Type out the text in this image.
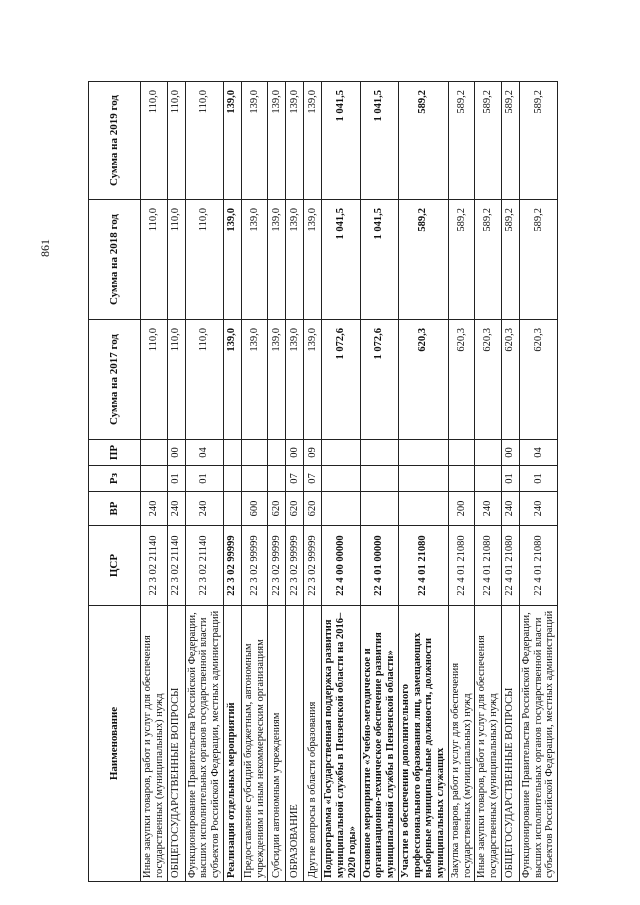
861
Наименование	ЦСР	ВР	Рз	ПР	Сумма на 2017 год	Сумма на 2018 год	Сумма на 2019 год
Иные закупки товаров, работ и услуг для обеспечения государственных (муниципальных) нужд	22 3 02 21140	240			110,0	110,0	110,0
ОБЩЕГОСУДАРСТВЕННЫЕ ВОПРОСЫ	22 3 02 21140	240	01	00	110,0	110,0	110,0
Функционирование Правительства Российской Федерации, высших исполнительных органов государственной власти субъектов Российской Федерации, местных администраций	22 3 02 21140	240	01	04	110,0	110,0	110,0
Реализация отдельных мероприятий	22 3 02 99999				139,0	139,0	139,0
Предоставление субсидий бюджетным, автономным учреждениям и иным некоммерческим организациям	22 3 02 99999	600			139,0	139,0	139,0
Субсидии автономным учреждениям	22 3 02 99999	620			139,0	139,0	139,0
ОБРАЗОВАНИЕ	22 3 02 99999	620	07	00	139,0	139,0	139,0
Другие вопросы в области образования	22 3 02 99999	620	07	09	139,0	139,0	139,0
Подпрограмма «Государственная поддержка развития муниципальной службы в Пензенской области на 2016–2020 годы»	22 4 00 00000				1 072,6	1 041,5	1 041,5
Основное мероприятие «Учебно-методическое и организационно-техническое обеспечение развития муниципальной службы в Пензенской области»	22 4 01 00000				1 072,6	1 041,5	1 041,5
Участие в обеспечении дополнительного профессионального образования лиц, замещающих выборные муниципальные должности, должности муниципальных служащих	22 4 01 21080				620,3	589,2	589,2
Закупка товаров, работ и услуг для обеспечения государственных (муниципальных) нужд	22 4 01 21080	200			620,3	589,2	589,2
Иные закупки товаров, работ и услуг для обеспечения государственных (муниципальных) нужд	22 4 01 21080	240			620,3	589,2	589,2
ОБЩЕГОСУДАРСТВЕННЫЕ ВОПРОСЫ	22 4 01 21080	240	01	00	620,3	589,2	589,2
Функционирование Правительства Российской Федерации, высших исполнительных органов государственной власти субъектов Российской Федерации, местных администраций	22 4 01 21080	240	01	04	620,3	589,2	589,2
